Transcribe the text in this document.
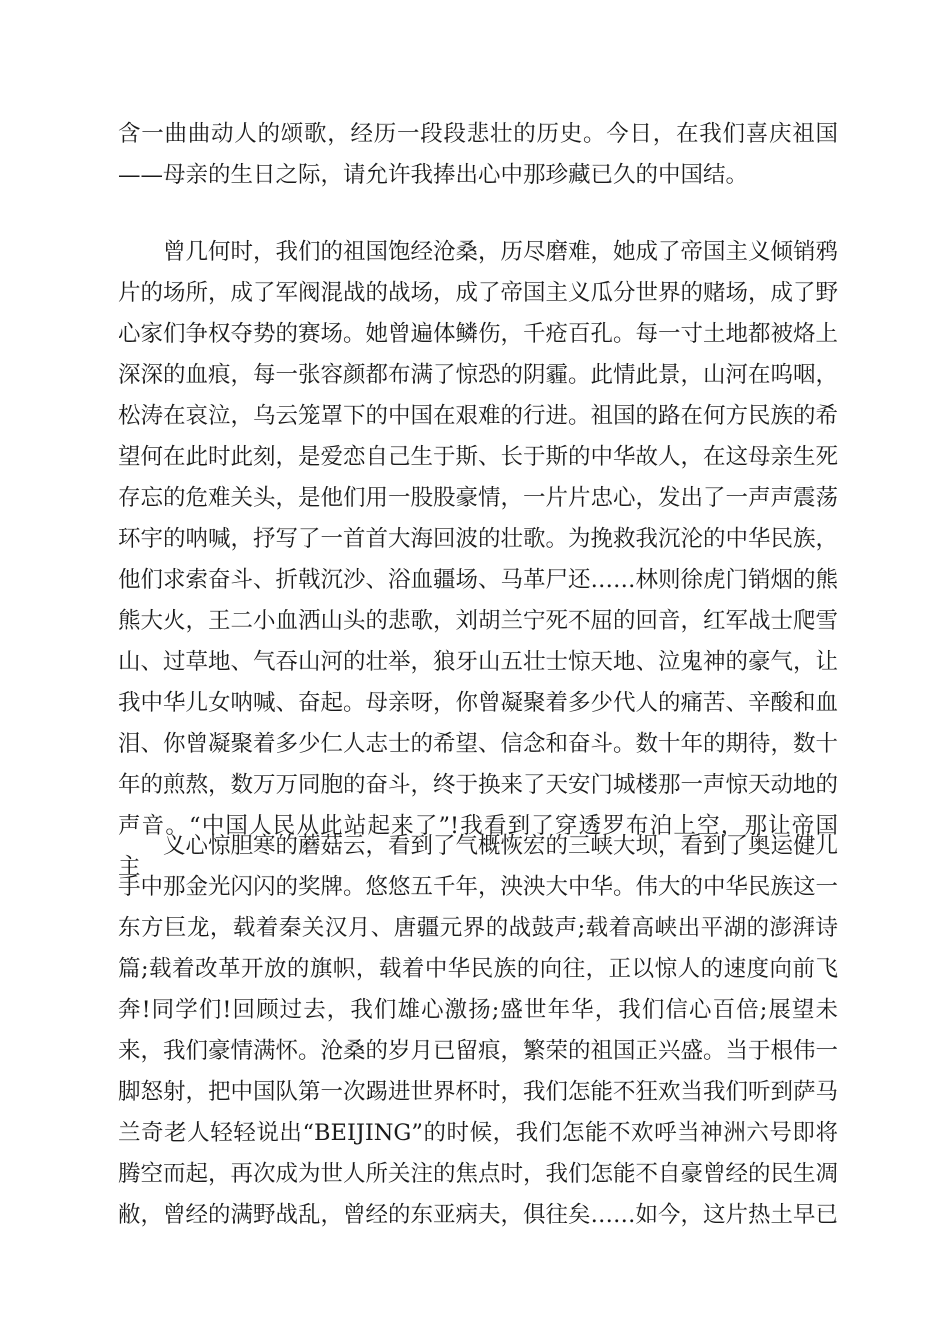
含一曲曲动人的颂歌，经历一段段悲壮的历史。今日，在我们喜庆祖国
——母亲的生日之际，请允许我捧出心中那珍藏已久的中国结。
曾几何时，我们的祖国饱经沧桑，历尽磨难，她成了帝国主义倾销鸦
片的场所，成了军阀混战的战场，成了帝国主义瓜分世界的赌场，成了野
心家们争权夺势的赛场。她曾遍体鳞伤，千疮百孔。每一寸土地都被烙上
深深的血痕，每一张容颜都布满了惊恐的阴霾。此情此景，山河在呜咽，
松涛在哀泣，乌云笼罩下的中国在艰难的行进。祖国的路在何方民族的希
望何在此时此刻，是爱恋自己生于斯、长于斯的中华故人，在这母亲生死
存忘的危难关头，是他们用一股股豪情，一片片忠心，发出了一声声震荡
环宇的呐喊，抒写了一首首大海回波的壮歌。为挽救我沉沦的中华民族，
他们求索奋斗、折戟沉沙、浴血疆场、马革尸还……林则徐虎门销烟的熊
熊大火，王二小血洒山头的悲歌，刘胡兰宁死不屈的回音，红军战士爬雪
山、过草地、气吞山河的壮举，狼牙山五壮士惊天地、泣鬼神的豪气，让
我中华儿女呐喊、奋起。母亲呀，你曾凝聚着多少代人的痛苦、辛酸和血
泪、你曾凝聚着多少仁人志士的希望、信念和奋斗。数十年的期待，数十
年的煎熬，数万万同胞的奋斗，终于换来了天安门城楼那一声惊天动地的
声音。“中国人民从此站起来了”!我看到了穿透罗布泊上空，那让帝国
主
义心惊胆寒的蘑菇云，看到了气概恢宏的三峡大坝，看到了奥运健儿
手中那金光闪闪的奖牌。悠悠五千年，泱泱大中华。伟大的中华民族这一
东方巨龙，载着秦关汉月、唐疆元界的战鼓声;载着高峡出平湖的澎湃诗
篇;载着改革开放的旗帜，载着中华民族的向往，正以惊人的速度向前飞
奔!同学们!回顾过去，我们雄心激扬;盛世年华，我们信心百倍;展望未
来，我们豪情满怀。沧桑的岁月已留痕，繁荣的祖国正兴盛。当于根伟一
脚怒射，把中国队第一次踢进世界杯时，我们怎能不狂欢当我们听到萨马
兰奇老人轻轻说出“BEIJING”的时候，我们怎能不欢呼当神洲六号即将
腾空而起，再次成为世人所关注的焦点时，我们怎能不自豪曾经的民生凋
敝，曾经的满野战乱，曾经的东亚病夫，俱往矣……如今，这片热土早已
